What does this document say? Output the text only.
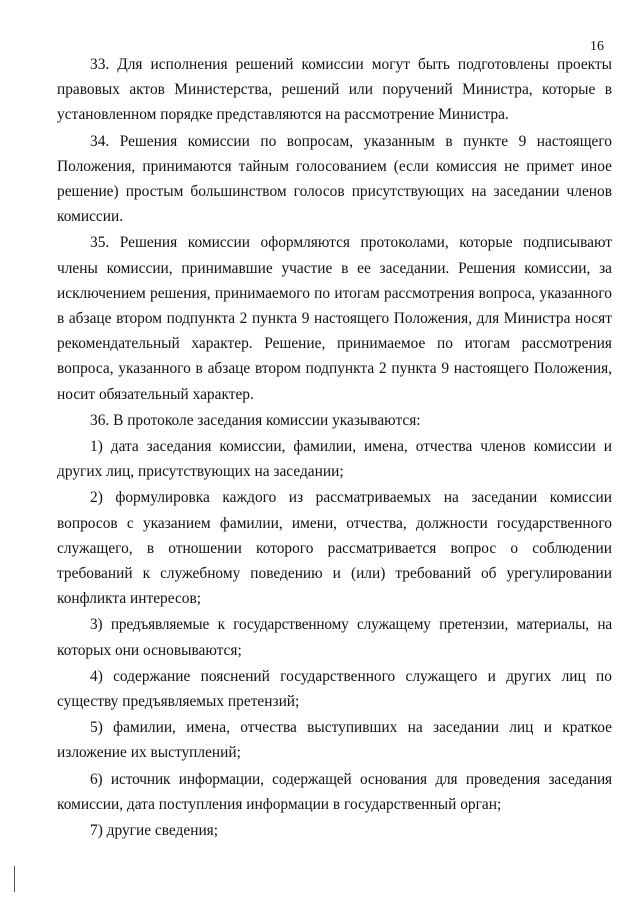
16

33. Для исполнения решений комиссии могут быть подготовлены проекты
правовых актов Министерства, решений или поручений Министра, которые в
установленном порядке представляются на рассмотрение Министра.

34. Решения комиссии по вопросам, указанным в пункте 9 настоящего
Положения, принимаются тайным голосованием (если комиссия не примет иное
решение) простым большинством голосов присутствующих на заседании членов
комиссии.

35. Решения комиссии оформляются протоколами, которые подписывают
члены комиссии, принимавшие участие в ее заседании. Решения комиссии, за
исключением решения, принимаемого по итогам рассмотрения вопроса, указанного
в абзаце втором подпункта 2 пункта 9 настоящего Положения, для Министра носят
рекомендательный характер. Решение, принимаемое по итогам рассмотрения
вопроса, указанного в абзаце втором подпункта 2 пункта 9 настоящего Положения,
носит обязательный характер.

36. В протоколе заседания комиссии указываются:

1) дата заседания комиссии, фамилии, имена, отчества членов комиссии и
других лиц, присутствующих на заседании;

2) формулировка каждого из рассматриваемых на заседании комиссии
вопросов с указанием фамилии, имени, отчества, должности государственного
служащего, в отношении которого рассматривается вопрос о соблюдении
требований к служебному поведению и (или) требований об урегулировании
конфликта интересов;

3) предъявляемые к государственному служащему претензии, материалы, на
которых они основываются;

4) содержание пояснений государственного служащего и других лиц по
существу предъявляемых претензий;

5) фамилии, имена, отчества выступивших на заседании лиц и краткое
изложение их выступлений;

6) источник информации, содержащей основания для проведения заседания
комиссии, дата поступления информации в государственный орган;

7) другие сведения;
